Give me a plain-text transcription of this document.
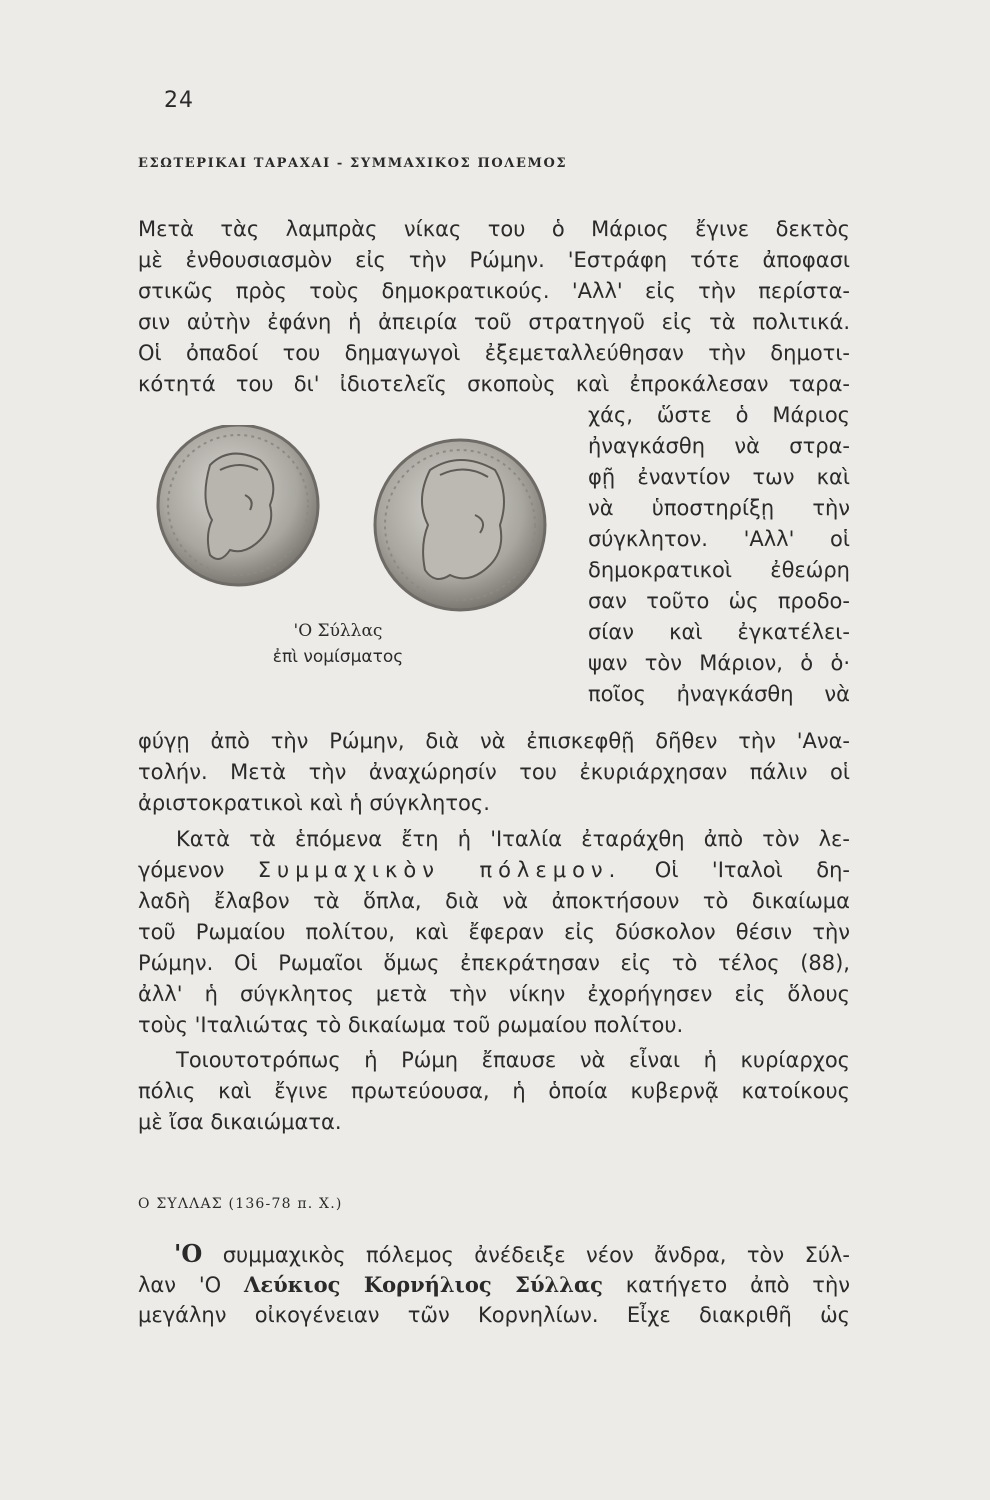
24
ΕΣΩΤΕΡΙΚΑΙ ΤΑΡΑΧΑΙ - ΣΥΜΜΑΧΙΚΟΣ ΠΟΛΕΜΟΣ
Μετὰ τὰς λαμπρὰς νίκας του ὁ Μάριος ἔγινε δεκτὸς
μὲ ἐνθουσιασμὸν εἰς τὴν Ρώμην. 'Εστράφη τότε ἀποφασι
στικῶς πρὸς τοὺς δημοκρατικούς. 'Αλλ' εἰς τὴν περίστα-
σιν αὐτὴν ἐφάνη ἡ ἀπειρία τοῦ στρατηγοῦ εἰς τὰ πολιτικά.
Οἱ ὀπαδοί του δημαγωγοὶ ἐξεμεταλλεύθησαν τὴν δημοτι-
κότητά του δι' ἰδιοτελεῖς σκοποὺς καὶ ἐπροκάλεσαν ταρα-
χάς, ὥστε ὁ Μάριος
ἠναγκάσθη νὰ στρα-
φῇ ἐναντίον των καὶ
νὰ ὑποστηρίξῃ τὴν
σύγκλητον. 'Αλλ' οἱ
δημοκρατικοὶ ἐθεώρη
σαν τοῦτο ὡς προδο-
σίαν καὶ ἐγκατέλει-
ψαν τὸν Μάριον, ὁ ὁ·
ποῖος ἠναγκάσθη νὰ
'Ο Σύλλας
ἐπὶ νομίσματος
φύγῃ ἀπὸ τὴν Ρώμην, διὰ νὰ ἐπισκεφθῇ δῆθεν τὴν 'Ανα-
τολήν. Μετὰ τὴν ἀναχώρησίν του ἐκυριάρχησαν πάλιν οἱ
ἀριστοκρατικοὶ καὶ ἡ σύγκλητος.
Κατὰ τὰ ἑπόμενα ἔτη ἡ 'Ιταλία ἐταράχθη ἀπὸ τὸν λε-
γόμενον Συμμαχικὸν πόλεμον. Οἱ 'Ιταλοὶ δη-
λαδὴ ἔλαβον τὰ ὅπλα, διὰ νὰ ἀποκτήσουν τὸ δικαίωμα
τοῦ Ρωμαίου πολίτου, καὶ ἔφεραν εἰς δύσκολον θέσιν τὴν
Ρώμην. Οἱ Ρωμαῖοι ὅμως ἐπεκράτησαν εἰς τὸ τέλος (88),
ἀλλ' ἡ σύγκλητος μετὰ τὴν νίκην ἐχορήγησεν εἰς ὅλους
τοὺς 'Ιταλιώτας τὸ δικαίωμα τοῦ ρωμαίου πολίτου.
Τοιουτοτρόπως ἡ Ρώμη ἔπαυσε νὰ εἶναι ἡ κυρίαρχος
πόλις καὶ ἔγινε πρωτεύουσα, ἡ ὁποία κυβερνᾷ κατοίκους
μὲ ἴσα δικαιώματα.
Ο ΣΥΛΛΑΣ (136-78 π. Χ.)
'Ο συμμαχικὸς πόλεμος ἀνέδειξε νέον ἄνδρα, τὸν Σύλ-
λαν 'Ο Λεύκιος Κορνήλιος Σύλλας κατήγετο ἀπὸ τὴν
μεγάλην οἰκογένειαν τῶν Κορνηλίων. Εἶχε διακριθῆ ὡς
